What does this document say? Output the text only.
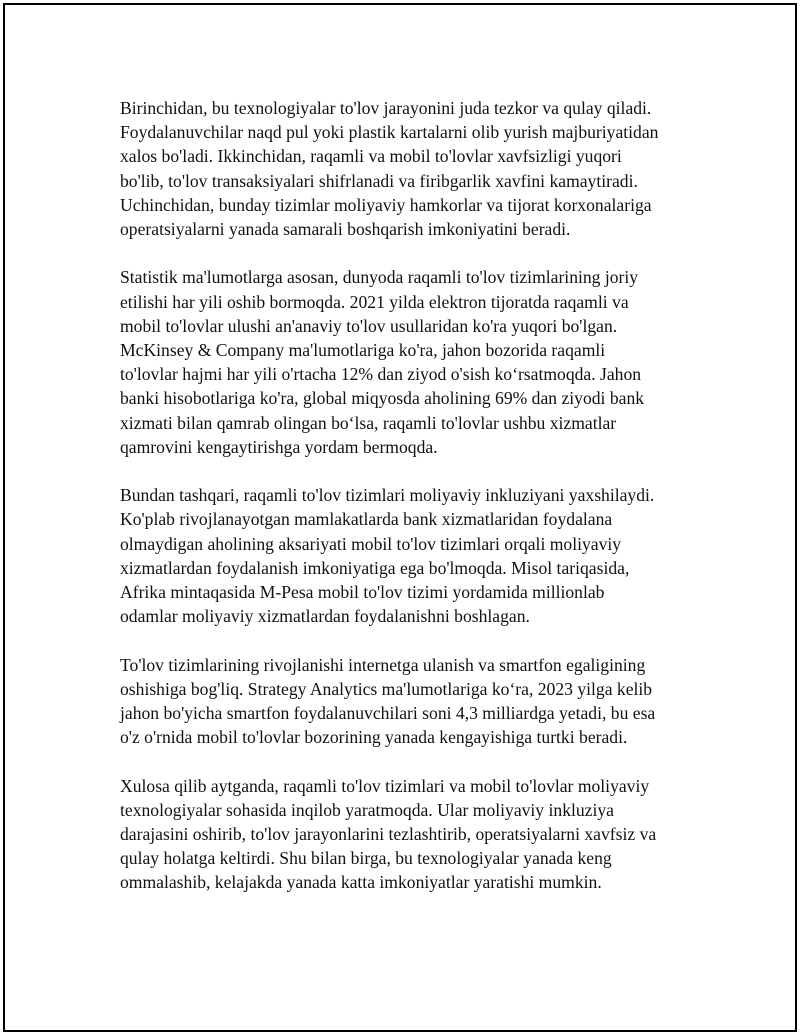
Birinchidan, bu texnologiyalar to'lov jarayonini juda tezkor va qulay qiladi.
Foydalanuvchilar naqd pul yoki plastik kartalarni olib yurish majburiyatidan
xalos bo'ladi. Ikkinchidan, raqamli va mobil to'lovlar xavfsizligi yuqori
bo'lib, to'lov transaksiyalari shifrlanadi va firibgarlik xavfini kamaytiradi.
Uchinchidan, bunday tizimlar moliyaviy hamkorlar va tijorat korxonalariga
operatsiyalarni yanada samarali boshqarish imkoniyatini beradi.

Statistik ma'lumotlarga asosan, dunyoda raqamli to'lov tizimlarining joriy
etilishi har yili oshib bormoqda. 2021 yilda elektron tijoratda raqamli va
mobil to'lovlar ulushi an'anaviy to'lov usullaridan ko'ra yuqori bo'lgan.
McKinsey & Company ma'lumotlariga ko'ra, jahon bozorida raqamli
to'lovlar hajmi har yili o'rtacha 12% dan ziyod o'sish ko‘rsatmoqda. Jahon
banki hisobotlariga ko'ra, global miqyosda aholining 69% dan ziyodi bank
xizmati bilan qamrab olingan bo‘lsa, raqamli to'lovlar ushbu xizmatlar
qamrovini kengaytirishga yordam bermoqda.

Bundan tashqari, raqamli to'lov tizimlari moliyaviy inkluziyani yaxshilaydi.
Ko'plab rivojlanayotgan mamlakatlarda bank xizmatlaridan foydalana
olmaydigan aholining aksariyati mobil to'lov tizimlari orqali moliyaviy
xizmatlardan foydalanish imkoniyatiga ega bo'lmoqda. Misol tariqasida,
Afrika mintaqasida M-Pesa mobil to'lov tizimi yordamida millionlab
odamlar moliyaviy xizmatlardan foydalanishni boshlagan.

To'lov tizimlarining rivojlanishi internetga ulanish va smartfon egaligining
oshishiga bog'liq. Strategy Analytics ma'lumotlariga ko‘ra, 2023 yilga kelib
jahon bo'yicha smartfon foydalanuvchilari soni 4,3 milliardga yetadi, bu esa
o'z o'rnida mobil to'lovlar bozorining yanada kengayishiga turtki beradi.

Xulosa qilib aytganda, raqamli to'lov tizimlari va mobil to'lovlar moliyaviy
texnologiyalar sohasida inqilob yaratmoqda. Ular moliyaviy inkluziya
darajasini oshirib, to'lov jarayonlarini tezlashtirib, operatsiyalarni xavfsiz va
qulay holatga keltirdi. Shu bilan birga, bu texnologiyalar yanada keng
ommalashib, kelajakda yanada katta imkoniyatlar yaratishi mumkin.
